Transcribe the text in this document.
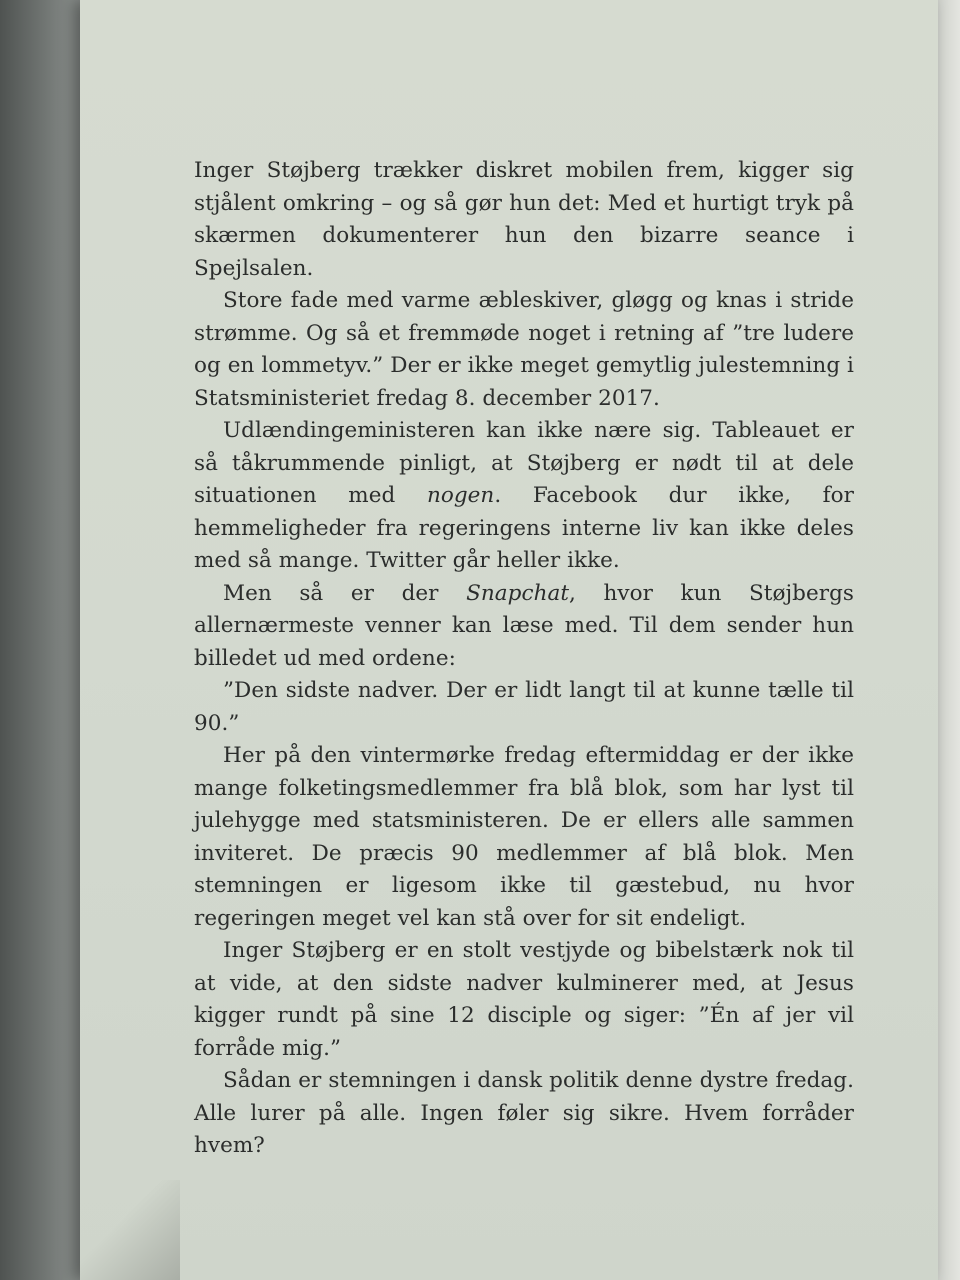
Inger Støjberg trækker diskret mobilen frem, kigger sig stjålent omkring – og så gør hun det: Med et hurtigt tryk på skærmen dokumenterer hun den bizarre seance i Spejlsalen.

Store fade med varme æbleskiver, gløgg og knas i stride strømme. Og så et fremmøde noget i retning af ”tre ludere og en lommetyv.” Der er ikke meget gemytlig julestemning i Statsministeriet fredag 8. december 2017.

Udlændingeministeren kan ikke nære sig. Tableauet er så tåkrummende pinligt, at Støjberg er nødt til at dele situationen med nogen. Facebook dur ikke, for hemmeligheder fra regeringens interne liv kan ikke deles med så mange. Twitter går heller ikke.

Men så er der Snapchat, hvor kun Støjbergs allernærmeste venner kan læse med. Til dem sender hun billedet ud med ordene:

”Den sidste nadver. Der er lidt langt til at kunne tælle til 90.”

Her på den vintermørke fredag eftermiddag er der ikke mange folketingsmedlemmer fra blå blok, som har lyst til julehygge med statsministeren. De er ellers alle sammen inviteret. De præcis 90 medlemmer af blå blok. Men stemningen er ligesom ikke til gæstebud, nu hvor regeringen meget vel kan stå over for sit endeligt.

Inger Støjberg er en stolt vestjyde og bibelstærk nok til at vide, at den sidste nadver kulminerer med, at Jesus kigger rundt på sine 12 disciple og siger: ”Én af jer vil forråde mig.”

Sådan er stemningen i dansk politik denne dystre fredag. Alle lurer på alle. Ingen føler sig sikre. Hvem forråder hvem?
